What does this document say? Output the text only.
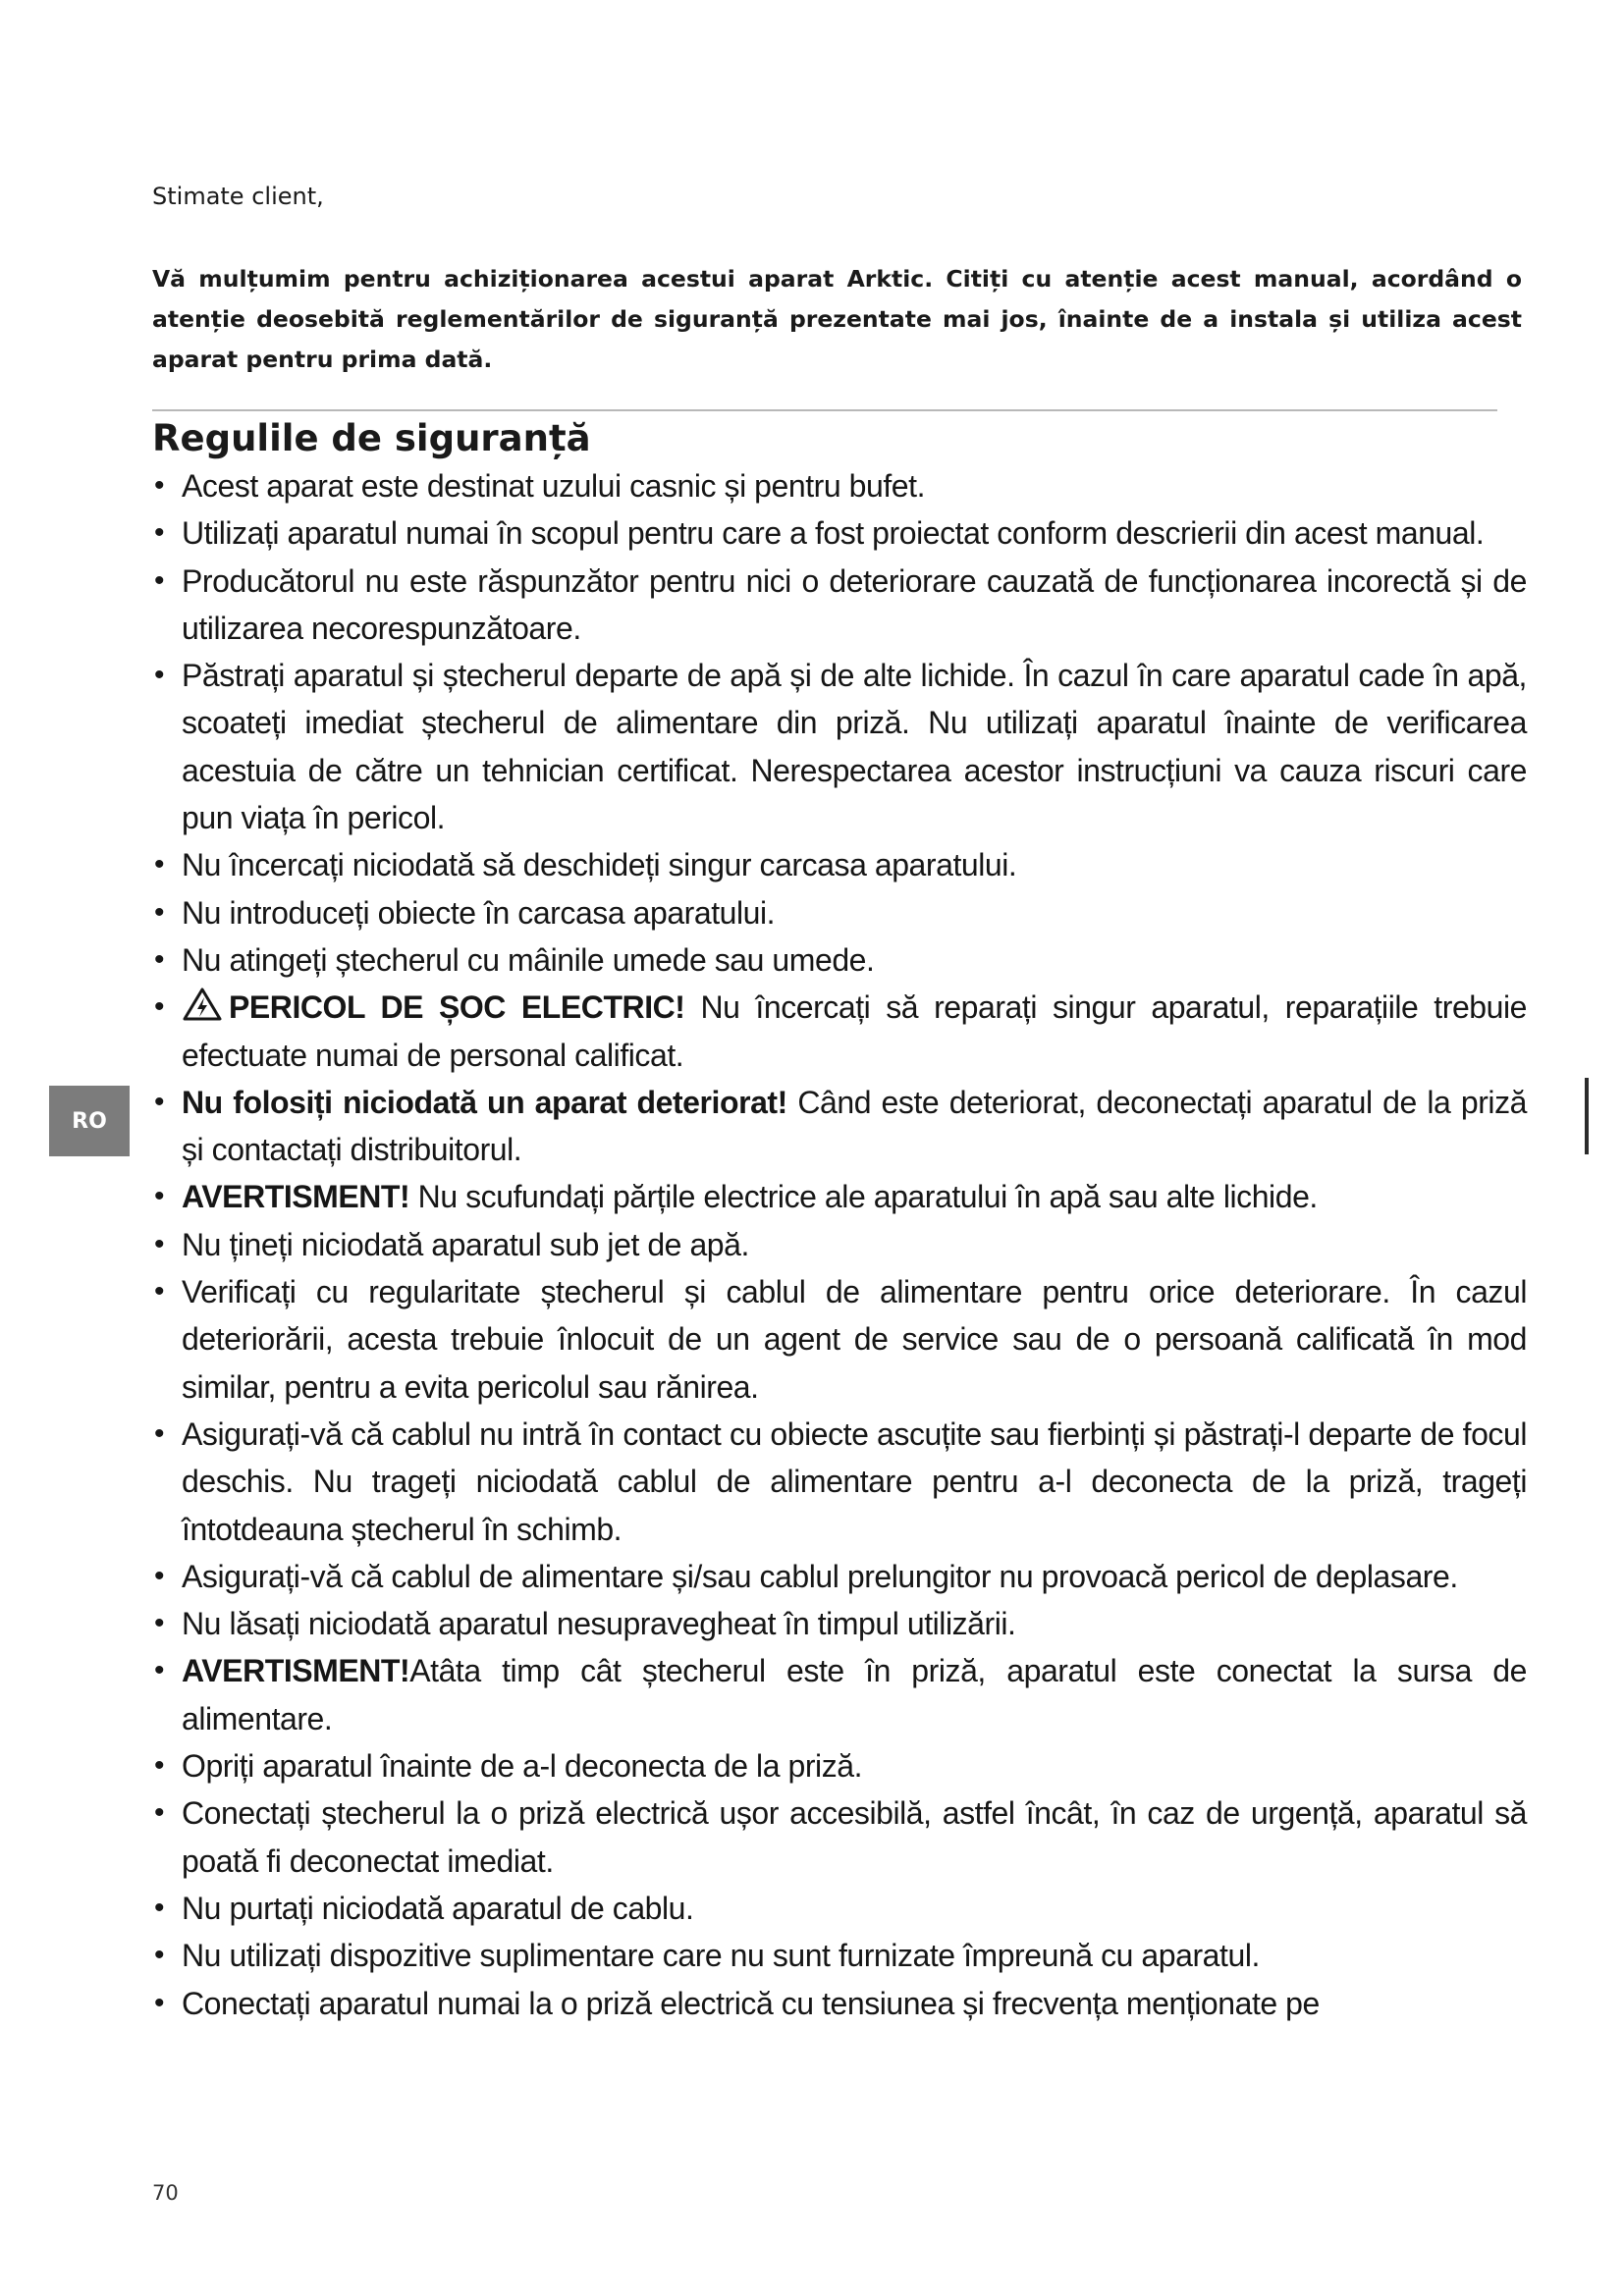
Stimate client,
Vă mulțumim pentru achiziționarea acestui aparat Arktic. Citiți cu atenție acest manual, acordând o atenție deosebită reglementărilor de siguranță prezentate mai jos, înainte de a instala și utiliza acest aparat pentru prima dată.
Regulile de siguranță
• Acest aparat este destinat uzului casnic și pentru bufet.
• Utilizați aparatul numai în scopul pentru care a fost proiectat conform descrierii din acest manual.
• Producătorul nu este răspunzător pentru nici o deteriorare cauzată de funcționarea incorectă și de utilizarea necorespunzătoare.
• Păstrați aparatul și ștecherul departe de apă și de alte lichide. În cazul în care aparatul cade în apă, scoateți imediat ștecherul de alimentare din priză. Nu utilizați aparatul înainte de verificarea acestuia de către un tehnician certificat. Nerespectarea acestor instrucțiuni va cauza riscuri care pun viața în pericol.
• Nu încercați niciodată să deschideți singur carcasa aparatului.
• Nu introduceți obiecte în carcasa aparatului.
• Nu atingeți ștecherul cu mâinile umede sau umede.
• PERICOL DE ȘOC ELECTRIC! Nu încercați să reparați singur aparatul, reparațiile trebuie efectuate numai de personal calificat.
• Nu folosiți niciodată un aparat deteriorat! Când este deteriorat, deconectați aparatul de la priză și contactați distribuitorul.
• AVERTISMENT! Nu scufundați părțile electrice ale aparatului în apă sau alte lichide.
• Nu țineți niciodată aparatul sub jet de apă.
• Verificați cu regularitate ștecherul și cablul de alimentare pentru orice deteriorare. În cazul deteriorării, acesta trebuie înlocuit de un agent de service sau de o persoană calificată în mod similar, pentru a evita pericolul sau rănirea.
• Asigurați-vă că cablul nu intră în contact cu obiecte ascuțite sau fierbinți și păstrați-l departe de focul deschis. Nu trageți niciodată cablul de alimentare pentru a-l deconecta de la priză, trageți întotdeauna ștecherul în schimb.
• Asigurați-vă că cablul de alimentare și/sau cablul prelungitor nu provoacă pericol de deplasare.
• Nu lăsați niciodată aparatul nesupravegheat în timpul utilizării.
• AVERTISMENT!Atâta timp cât ștecherul este în priză, aparatul este conectat la sursa de alimentare.
• Opriți aparatul înainte de a-l deconecta de la priză.
• Conectați ștecherul la o priză electrică ușor accesibilă, astfel încât, în caz de urgență, aparatul să poată fi deconectat imediat.
• Nu purtați niciodată aparatul de cablu.
• Nu utilizați dispozitive suplimentare care nu sunt furnizate împreună cu aparatul.
• Conectați aparatul numai la o priză electrică cu tensiunea și frecvența menționate pe
RO
70
